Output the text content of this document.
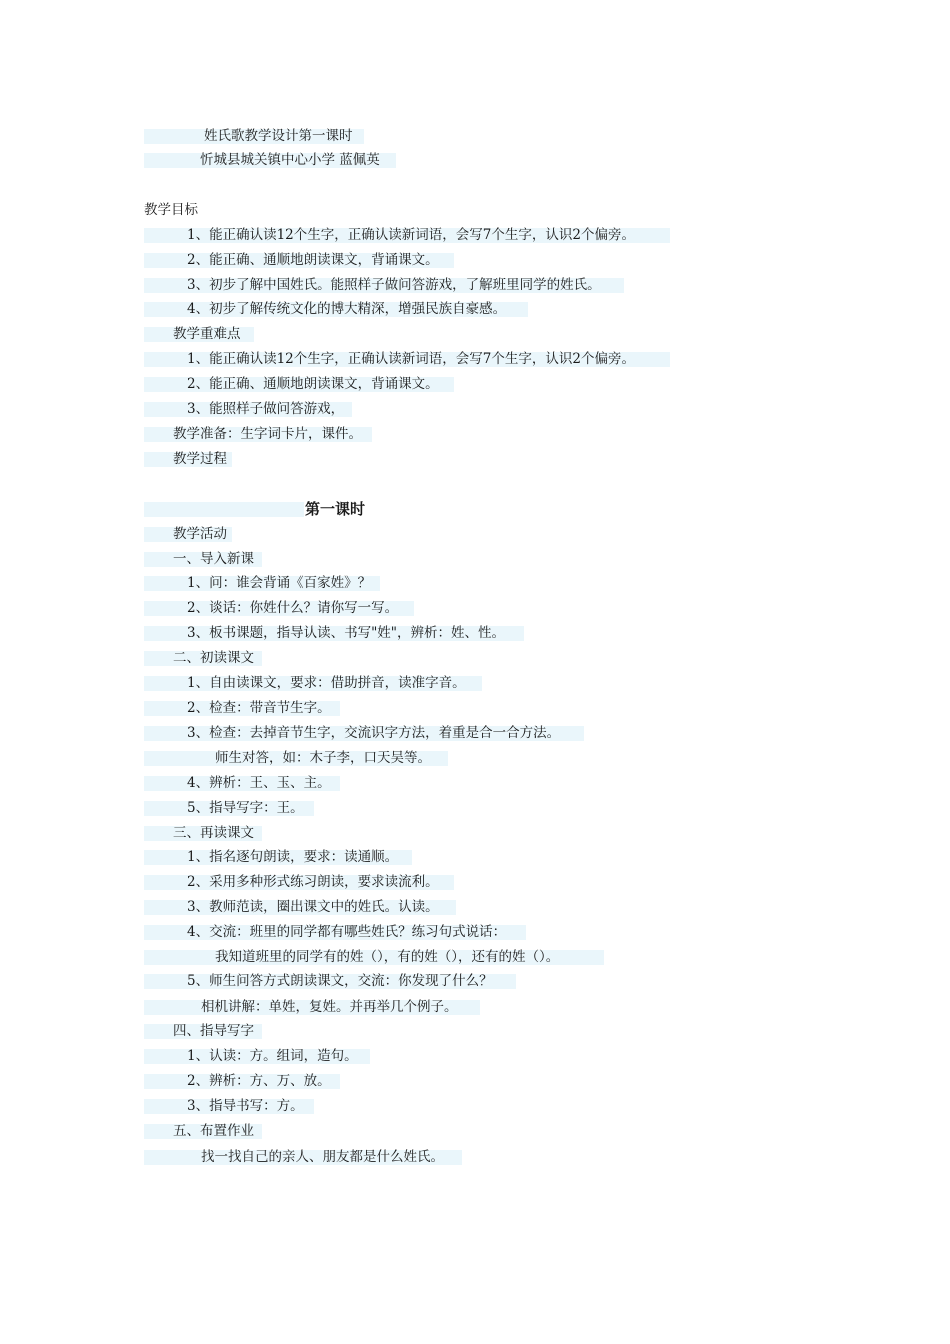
姓氏歌教学设计第一课时
忻城县城关镇中心小学 蓝佩英
教学目标
1、能正确认读12个生字，正确认读新词语，会写7个生字，认识2个偏旁。
2、能正确、通顺地朗读课文，背诵课文。
3、初步了解中国姓氏。能照样子做问答游戏，了解班里同学的姓氏。
4、初步了解传统文化的博大精深，增强民族自豪感。
教学重难点
1、能正确认读12个生字，正确认读新词语，会写7个生字，认识2个偏旁。
2、能正确、通顺地朗读课文，背诵课文。
3、能照样子做问答游戏，
教学准备：生字词卡片，课件。
教学过程
第一课时
教学活动
一、导入新课
1、问：谁会背诵《百家姓》？
2、谈话：你姓什么？请你写一写。
3、板书课题，指导认读、书写"姓"，辨析：姓、性。
二、初读课文
1、自由读课文，要求：借助拼音，读准字音。
2、检查：带音节生字。
3、检查：去掉音节生字，交流识字方法，着重是合一合方法。
师生对答，如：木子李，口天吴等。
4、辨析：王、玉、主。
5、指导写字：王。
三、再读课文
1、指名逐句朗读，要求：读通顺。
2、采用多种形式练习朗读，要求读流利。
3、教师范读，圈出课文中的姓氏。认读。
4、交流：班里的同学都有哪些姓氏？练习句式说话：
我知道班里的同学有的姓（），有的姓（），还有的姓（）。
5、师生问答方式朗读课文，交流：你发现了什么？
相机讲解：单姓，复姓。并再举几个例子。
四、指导写字
1、认读：方。组词，造句。
2、辨析：方、万、放。
3、指导书写：方。
五、布置作业
找一找自己的亲人、朋友都是什么姓氏。
